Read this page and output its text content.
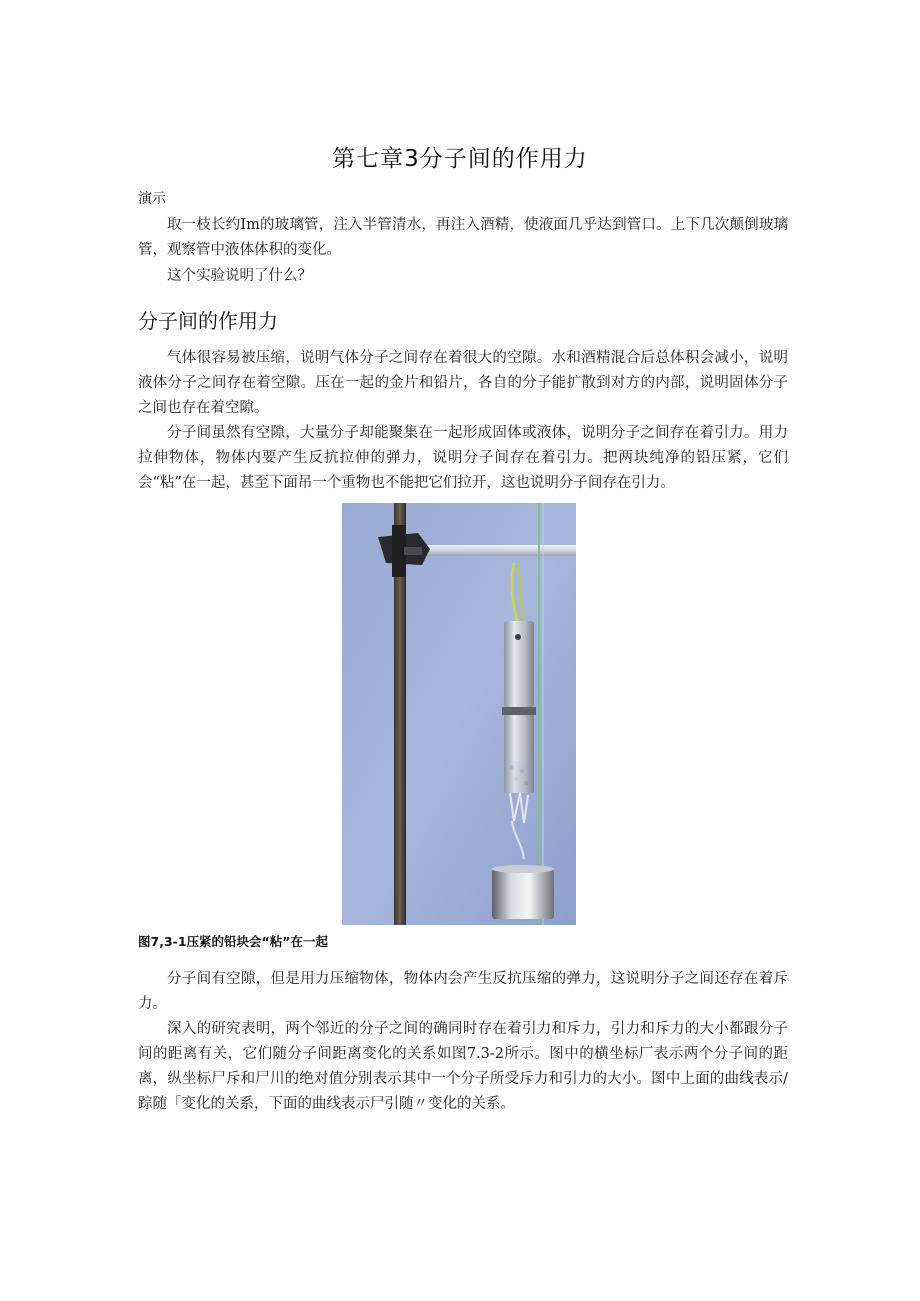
第七章3分子间的作用力
演示

取一枝长约Im的玻璃管，注入半管清水，再注入酒精，使液面几乎达到管口。上下几次颠倒玻璃管，观察管中液体体积的变化。

这个实验说明了什么？

分子间的作用力

气体很容易被压缩，说明气体分子之间存在着很大的空隙。水和酒精混合后总体积会减小，说明液体分子之间存在着空隙。压在一起的金片和铅片，各自的分子能扩散到对方的内部，说明固体分子之间也存在着空隙。

分子间虽然有空隙，大量分子却能聚集在一起形成固体或液体，说明分子之间存在着引力。用力拉伸物体，物体内要产生反抗拉伸的弹力，说明分子间存在着引力。把两块纯净的铅压紧，它们会“粘”在一起，甚至下面吊一个重物也不能把它们拉开，这也说明分子间存在引力。

图7,3-1压紧的铅块会“粘”在一起

分子间有空隙，但是用力压缩物体，物体内会产生反抗压缩的弹力，这说明分子之间还存在着斥力。

深入的研究表明，两个邻近的分子之间的确同时存在着引力和斥力，引力和斥力的大小都跟分子间的距离有关，它们随分子间距离变化的关系如图7.3-2所示。图中的横坐标厂表示两个分子间的距离，纵坐标尸斥和尸川的绝对值分别表示其中一个分子所受斥力和引力的大小。图中上面的曲线表示/踪随「变化的关系，下面的曲线表示尸引随〃变化的关系。
